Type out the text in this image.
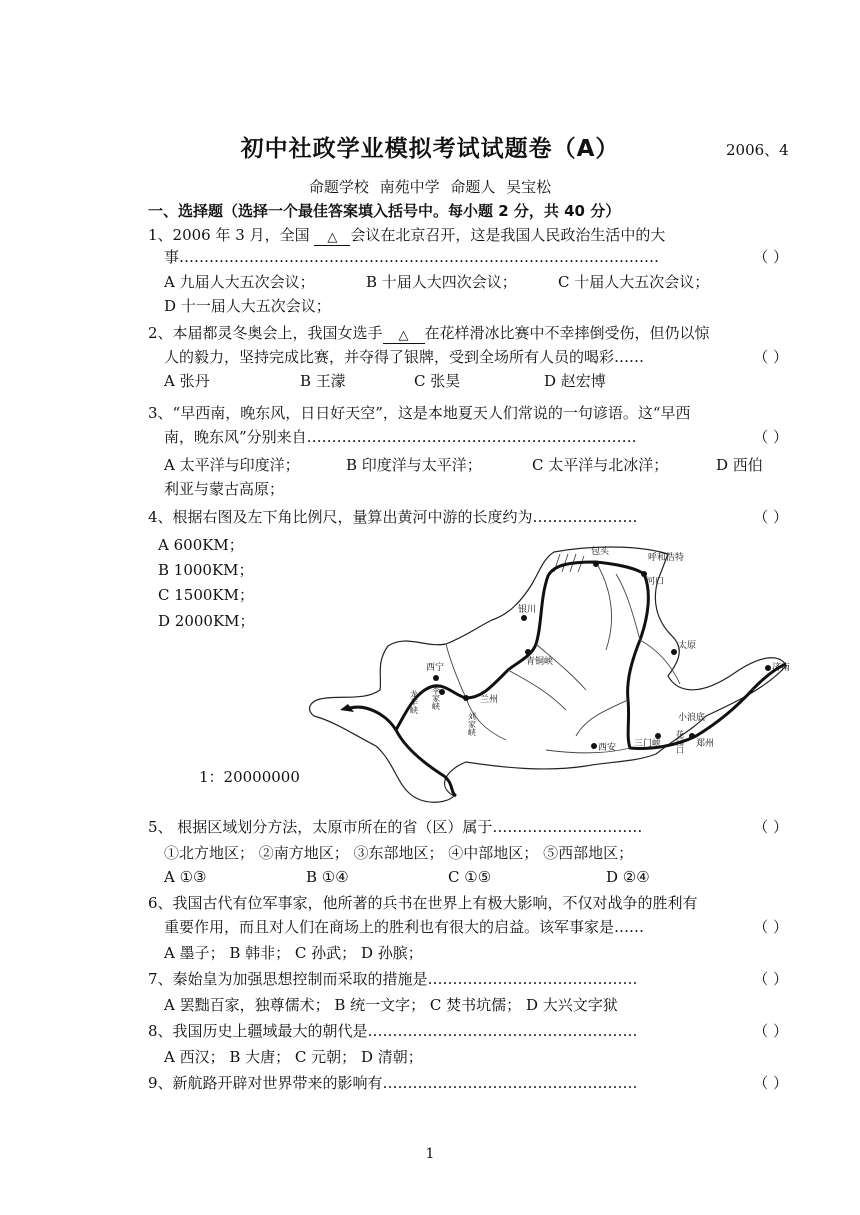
初中社政学业模拟考试试题卷（A）	2006、4
命题学校 南苑中学 命题人 吴宝松
一、选择题（选择一个最佳答案填入括号中。每小题 2 分，共 40 分）
1、2006 年 3 月，全国 △ 会议在北京召开，这是我国人民政治生活中的大
事……………………………………………………………………………………	（ ）
A 九届人大五次会议；	B 十届人大四次会议；	C 十届人大五次会议；
D 十一届人大五次会议；
2、本届都灵冬奥会上，我国女选手 △ 在花样滑冰比赛中不幸摔倒受伤，但仍以惊
人的毅力，坚持完成比赛，并夺得了银牌，受到全场所有人员的喝彩……	（ ）
A 张丹	B 王濛	C 张昊	D 赵宏博
3、“早西南，晚东风，日日好天空”，这是本地夏天人们常说的一句谚语。这“早西
南，晚东风”分别来自…………………………………………………………	（ ）
A 太平洋与印度洋；	B 印度洋与太平洋；	C 太平洋与北冰洋；	D 西伯
利亚与蒙古高原；
4、根据右图及左下角比例尺，量算出黄河中游的长度约为…………………	（ ）
A 600KM；
B 1000KM；
C 1500KM；
D 2000KM；
包头
呼和浩特
河口
银川
青铜峡
太原
济南
西宁
兰州
小浪底
三门峡
西安	郑州
龙羊峡 李家峡
刘家峡
花园口
1：20000000
5、 根据区域划分方法，太原市所在的省（区）属于…………………………	（ ）
①北方地区； ②南方地区； ③东部地区； ④中部地区； ⑤西部地区；
A ①③	B ①④	C ①⑤	D ②④
6、我国古代有位军事家，他所著的兵书在世界上有极大影响，不仅对战争的胜利有
重要作用，而且对人们在商场上的胜利也有很大的启益。该军事家是……	（ ）
A 墨子； B 韩非； C 孙武； D 孙膑；
7、秦始皇为加强思想控制而采取的措施是……………………………………	（ ）
A 罢黜百家，独尊儒术； B 统一文字； C 焚书坑儒； D 大兴文字狱
8、我国历史上疆域最大的朝代是………………………………………………	（ ）
A 西汉； B 大唐； C 元朝； D 清朝；
9、新航路开辟对世界带来的影响有……………………………………………	（ ）
1
